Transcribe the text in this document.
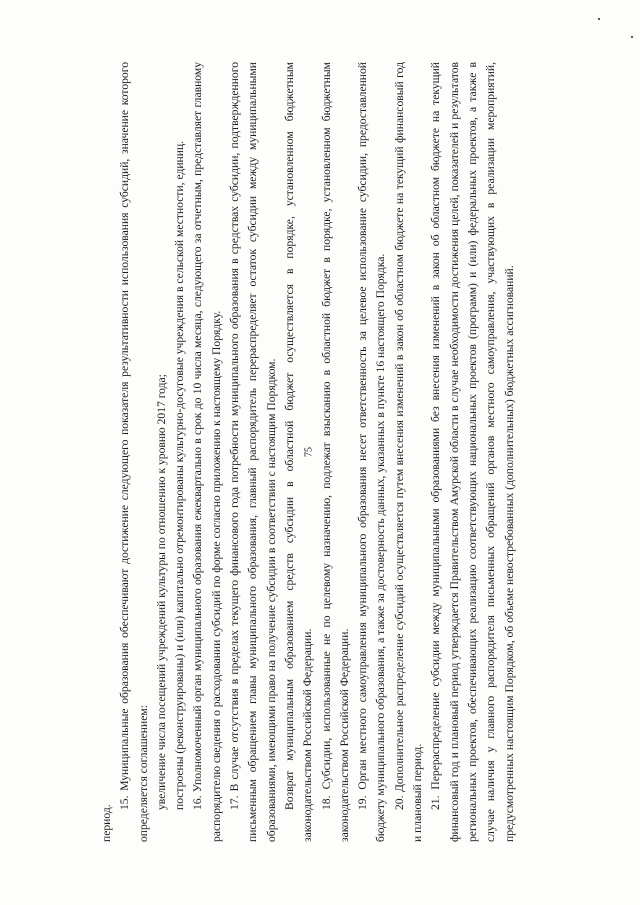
75

период.

15. Муниципальные образования обеспечивают достижение следующего показателя результативности использования субсидий, значение которого определяется соглашением: увеличение числа посещений учреждений культуры по отношению к уровню 2017 года; построены (реконструированы) и (или) капитально отремонтированы культурно-досуговые учреждения в сельской местности, единиц. 16. Уполномоченный орган муниципального образования ежеквартально в срок до 10 числа месяца, следующего за отчетным, представляет главному распорядителю сведения о расходовании субсидий по форме согласно приложению к настоящему Порядку. 17. В случае отсутствия в пределах текущего финансового года потребности муниципального образования в средствах субсидии, подтвержденного письменным обращением главы муниципального образования, главный распорядитель перераспределяет остаток субсидии между муниципальными образованиями, имеющими право на получение субсидии в соответствии с настоящим Порядком. Возврат муниципальным образованием средств субсидии в областной бюджет осуществляется в порядке, установленном бюджетным законодательством Российской Федерации. 18. Субсидии, использованные не по целевому назначению, подлежат взысканию в областной бюджет в порядке, установленном бюджетным законодательством Российской Федерации. 19. Орган местного самоуправления муниципального образования несет ответственность за целевое использование субсидии, предоставленной бюджету муниципального образования, а также за достоверность данных, указанных в пункте 16 настоящего Порядка. 20. Дополнительное распределение субсидий осуществляется путем внесения изменений в закон об областном бюджете на текущий финансовый год и плановый период. 21. Перераспределение субсидии между муниципальными образованиями без внесения изменений в закон об областном бюджете на текущий финансовый год и плановый период утверждается Правительством Амурской области в случае необходимости достижения целей, показателей и результатов региональных проектов, обеспечивающих реализацию соответствующих национальных проектов (программ) и (или) федеральных проектов, а также в случае наличия у главного распорядителя письменных обращений органов местного самоуправления, участвующих в реализации мероприятий, предусмотренных настоящим Порядком, об объеме невостребованных (дополнительных) бюджетных ассигнований.
